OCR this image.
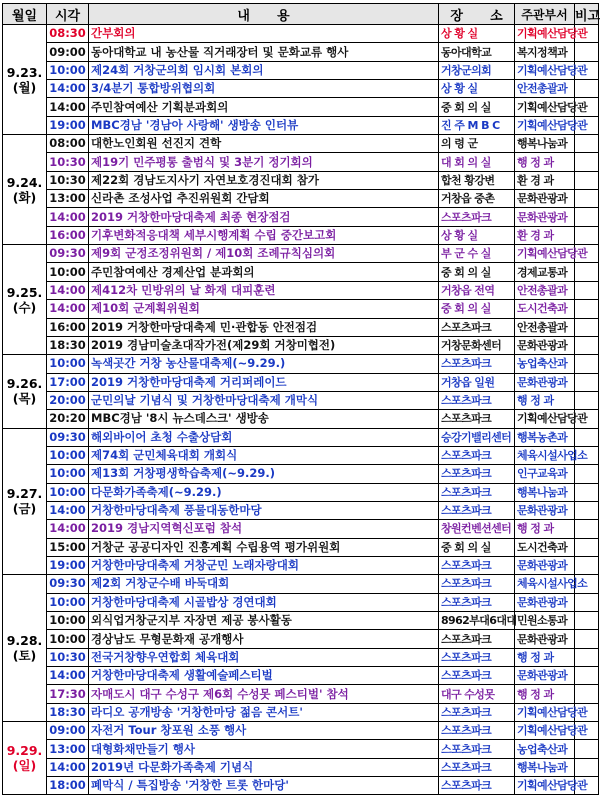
월일	시각	내      용	장      소	주관부서	비고

9.23.
(월)	08:30	간부회의	상 황 실	기획예산담당관	
	09:00	동아대학교 내 농산물 직거래장터 및 문화교류 행사	동아대학교	복지정책과	
	10:00	제24회 거창군의회 임시회 본회의	거창군의회	기획예산담당관	
	14:00	3/4분기 통합방위협의회	상 황 실	안전총괄과	
	14:00	주민참여예산 기획분과회의	중 회 의 실	기획예산담당관	
	19:00	MBC경남 '경남아 사랑해' 생방송 인터뷰	진 주 M B C	기획예산담당관	

9.24.
(화)	08:00	대한노인회원 선진지 견학	의 령 군	행복나눔과	
	10:30	제19기 민주평통 출범식 및 3분기 정기회의	대 회 의 실	행 정 과	
	10:30	제22회 경남도지사기 자연보호경진대회 참가	합천 황강변	환 경 과	
	13:00	신라촌 조성사업 추진위원회 간담회	거창읍 중촌	문화관광과	
	14:00	2019 거창한마당대축제 최종 현장점검	스포츠파크	문화관광과	
	16:00	기후변화적응대책 세부시행계획 수립 중간보고회	상 황 실	환 경 과	

9.25.
(수)	09:30	제9회 군정조정위원회 / 제10회 조례규칙심의회	부 군 수 실	기획예산담당관	
	10:00	주민참여예산 경제산업 분과회의	중 회 의 실	경제교통과	
	14:00	제412차 민방위의 날 화재 대피훈련	거창읍 전역	안전총괄과	
	14:00	제10회 군계획위원회	중 회 의 실	도시건축과	
	16:00	2019 거창한마당대축제 민·관합동 안전점검	스포츠파크	안전총괄과	
	18:30	2019 경남미술초대작가전(제29회 거창미협전)	거창문화센터	문화관광과	

9.26.
(목)	10:00	녹색곳간 거창 농산물대축제(~9.29.)	스포츠파크	농업축산과	
	17:00	2019 거창한마당대축제 거리퍼레이드	거창읍 일원	문화관광과	
	20:00	군민의날 기념식 및 거창한마당대축제 개막식	스포츠파크	행 정 과	
	20:20	MBC경남 '8시 뉴스데스크' 생방송	스포츠파크	기획예산담당관	

9.27.
(금)	09:30	해외바이어 초청 수출상담회	승강기밸리센터	행복농촌과	
	10:00	제74회 군민체육대회 개회식	스포츠파크	체육시설사업소	
	10:00	제13회 거창평생학습축제(~9.29.)	스포츠파크	인구교육과	
	10:00	다문화가족축제(~9.29.)	스포츠파크	행복나눔과	
	14:00	거창한마당대축제 풍물대동한마당	스포츠파크	문화관광과	
	14:00	2019 경남지역혁신포럼 참석	창원컨벤션센터	행 정 과	
	15:00	거창군 공공디자인 진흥계획 수립용역 평가위원회	중 회 의 실	도시건축과	
	19:00	거창한마당대축제 거창군민 노래자랑대회	스포츠파크	문화관광과	

9.28.
(토)	09:30	제2회 거창군수배 바둑대회	스포츠파크	체육시설사업소	
	10:00	거창한마당대축제 시골밥상 경연대회	스포츠파크	문화관광과	
	10:00	외식업거창군지부 자장면 제공 봉사활동	8962부대6대대	민원소통과	
	10:00	경상남도 무형문화재 공개행사	스포츠파크	문화관광과	
	10:30	전국거창향우연합회 체육대회	스포츠파크	행 정 과	
	14:00	거창한마당대축제 생활예술페스티벌	스포츠파크	문화관광과	
	17:30	자매도시 대구 수성구 제6회 수성못 페스티벌' 참석	대구 수성못	행 정 과	
	18:30	라디오 공개방송 '거창한마당 젊음 콘서트'	스포츠파크	기획예산담당관	

9.29.
(일)	09:00	자전거 Tour 창포원 소풍 행사	스포츠파크	기획예산담당관	
	13:00	대형화채만들기 행사	스포츠파크	농업축산과	
	14:00	2019년 다문화가족축제 기념식	스포츠파크	행복나눔과	
	18:00	폐막식 / 특집방송 '거창한 트롯 한마당'	스포츠파크	기획예산담당관	
